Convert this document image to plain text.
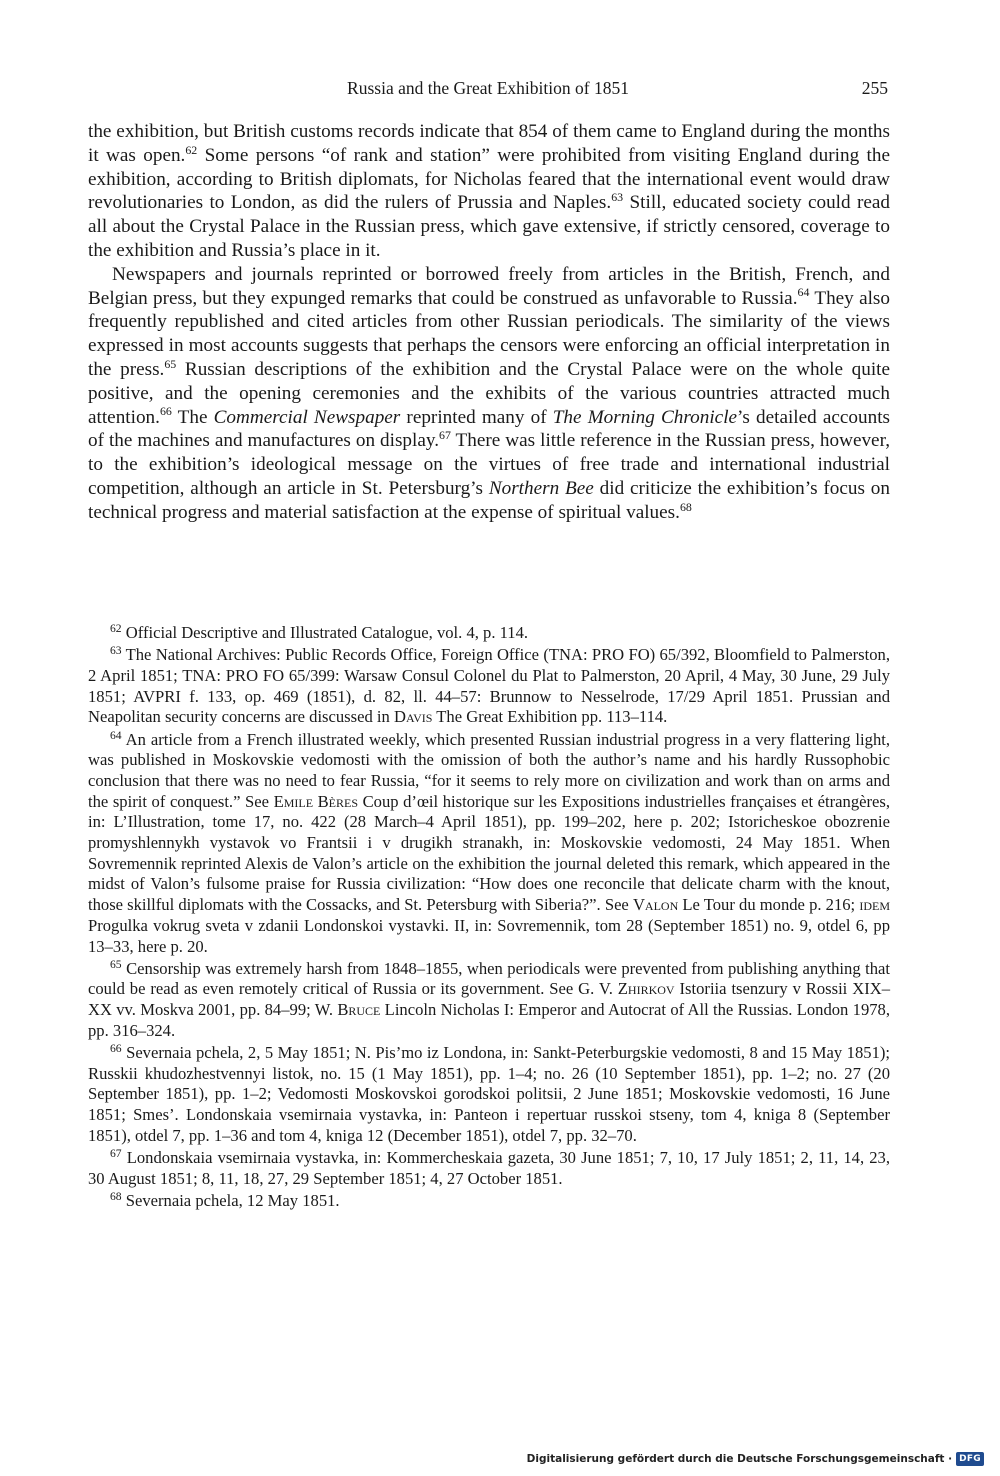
Russia and the Great Exhibition of 1851	255

the exhibition, but British customs records indicate that 854 of them came to England during the months it was open.$^{62}$ Some persons “of rank and station” were prohibited from visiting England during the exhibition, according to British diplomats, for Nicholas feared that the international event would draw revolutionaries to London, as did the rulers of Prussia and Naples.$^{63}$ Still, educated society could read all about the Crystal Palace in the Russian press, which gave extensive, if strictly censored, coverage to the exhibition and Russia’s place in it.

Newspapers and journals reprinted or borrowed freely from articles in the British, French, and Belgian press, but they expunged remarks that could be construed as unfavorable to Russia.$^{64}$ They also frequently republished and cited articles from other Russian periodicals. The similarity of the views expressed in most accounts suggests that perhaps the censors were enforcing an official interpretation in the press.$^{65}$ Russian descriptions of the exhibition and the Crystal Palace were on the whole quite positive, and the opening ceremonies and the exhibits of the various countries attracted much attention.$^{66}$ The Commercial Newspaper reprinted many of The Morning Chronicle’s detailed accounts of the machines and manufactures on display.$^{67}$ There was little reference in the Russian press, however, to the exhibition’s ideological message on the virtues of free trade and international industrial competition, although an article in St. Petersburg’s Northern Bee did criticize the exhibition’s focus on technical progress and material satisfaction at the expense of spiritual values.$^{68}$

$^{62}$ Official Descriptive and Illustrated Catalogue, vol. 4, p. 114.

$^{63}$ The National Archives: Public Records Office, Foreign Office (TNA: PRO FO) 65/392, Bloomfield to Palmerston, 2 April 1851; TNA: PRO FO 65/399: Warsaw Consul Colonel du Plat to Palmerston, 20 April, 4 May, 30 June, 29 July 1851; AVPRI f. 133, op. 469 (1851), d. 82, ll. 44–57: Brunnow to Nesselrode, 17/29 April 1851. Prussian and Neapolitan security concerns are discussed in Davis The Great Exhibition pp. 113–114.

$^{64}$ An article from a French illustrated weekly, which presented Russian industrial progress in a very flattering light, was published in Moskovskie vedomosti with the omission of both the author’s name and his hardly Russophobic conclusion that there was no need to fear Russia, “for it seems to rely more on civilization and work than on arms and the spirit of conquest.” See Emile Bères Coup d’œil historique sur les Expositions industrielles françaises et étrangères, in: L’Illustration, tome 17, no. 422 (28 March–4 April 1851), pp. 199–202, here p. 202; Istoricheskoe obozrenie promyshlennykh vystavok vo Frantsii i v drugikh stranakh, in: Moskovskie vedomosti, 24 May 1851. When Sovremennik reprinted Alexis de Valon’s article on the exhibition the journal deleted this remark, which appeared in the midst of Valon’s fulsome praise for Russia civilization: “How does one reconcile that delicate charm with the knout, those skillful diplomats with the Cossacks, and St. Petersburg with Siberia?”. See Valon Le Tour du monde p. 216; idem Progulka vokrug sveta v zdanii Londonskoi vystavki. II, in: Sovremennik, tom 28 (September 1851) no. 9, otdel 6, pp 13–33, here p. 20.

$^{65}$ Censorship was extremely harsh from 1848–1855, when periodicals were prevented from publishing anything that could be read as even remotely critical of Russia or its government. See G. V. Zhirkov Istoriia tsenzury v Rossii XIX–XX vv. Moskva 2001, pp. 84–99; W. Bruce Lincoln Nicholas I: Emperor and Autocrat of All the Russias. London 1978, pp. 316–324.

$^{66}$ Severnaia pchela, 2, 5 May 1851; N. Pis’mo iz Londona, in: Sankt-Peterburgskie vedomosti, 8 and 15 May 1851); Russkii khudozhestvennyi listok, no. 15 (1 May 1851), pp. 1–4; no. 26 (10 September 1851), pp. 1–2; no. 27 (20 September 1851), pp. 1–2; Vedomosti Moskovskoi gorodskoi politsii, 2 June 1851; Moskovskie vedomosti, 16 June 1851; Smes’. Londonskaia vsemirnaia vystavka, in: Panteon i repertuar russkoi stseny, tom 4, kniga 8 (September 1851), otdel 7, pp. 1–36 and tom 4, kniga 12 (December 1851), otdel 7, pp. 32–70.

$^{67}$ Londonskaia vsemirnaia vystavka, in: Kommercheskaia gazeta, 30 June 1851; 7, 10, 17 July 1851; 2, 11, 14, 23, 30 August 1851; 8, 11, 18, 27, 29 September 1851; 4, 27 October 1851.

$^{68}$ Severnaia pchela, 12 May 1851.

Digitalisierung gefördert durch die Deutsche Forschungsgemeinschaft · DFG
